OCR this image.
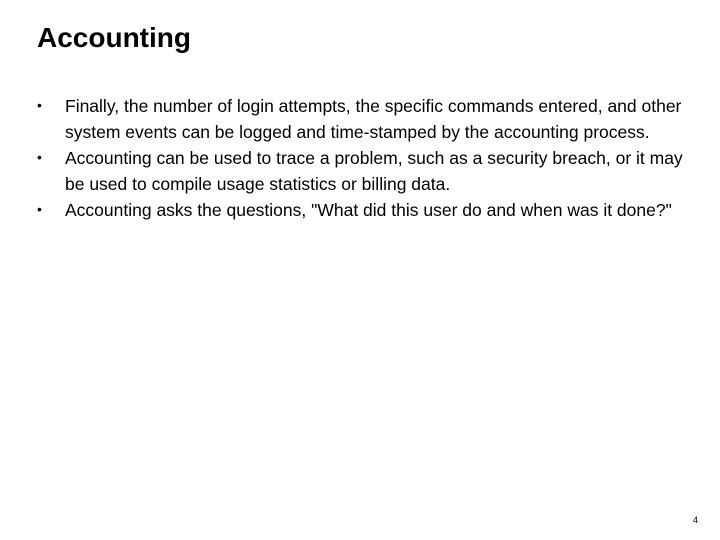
Accounting
• Finally, the number of login attempts, the specific commands entered, and other system events can be logged and time-stamped by the accounting process.
• Accounting can be used to trace a problem, such as a security breach, or it may be used to compile usage statistics or billing data.
• Accounting asks the questions, "What did this user do and when was it done?"
4
